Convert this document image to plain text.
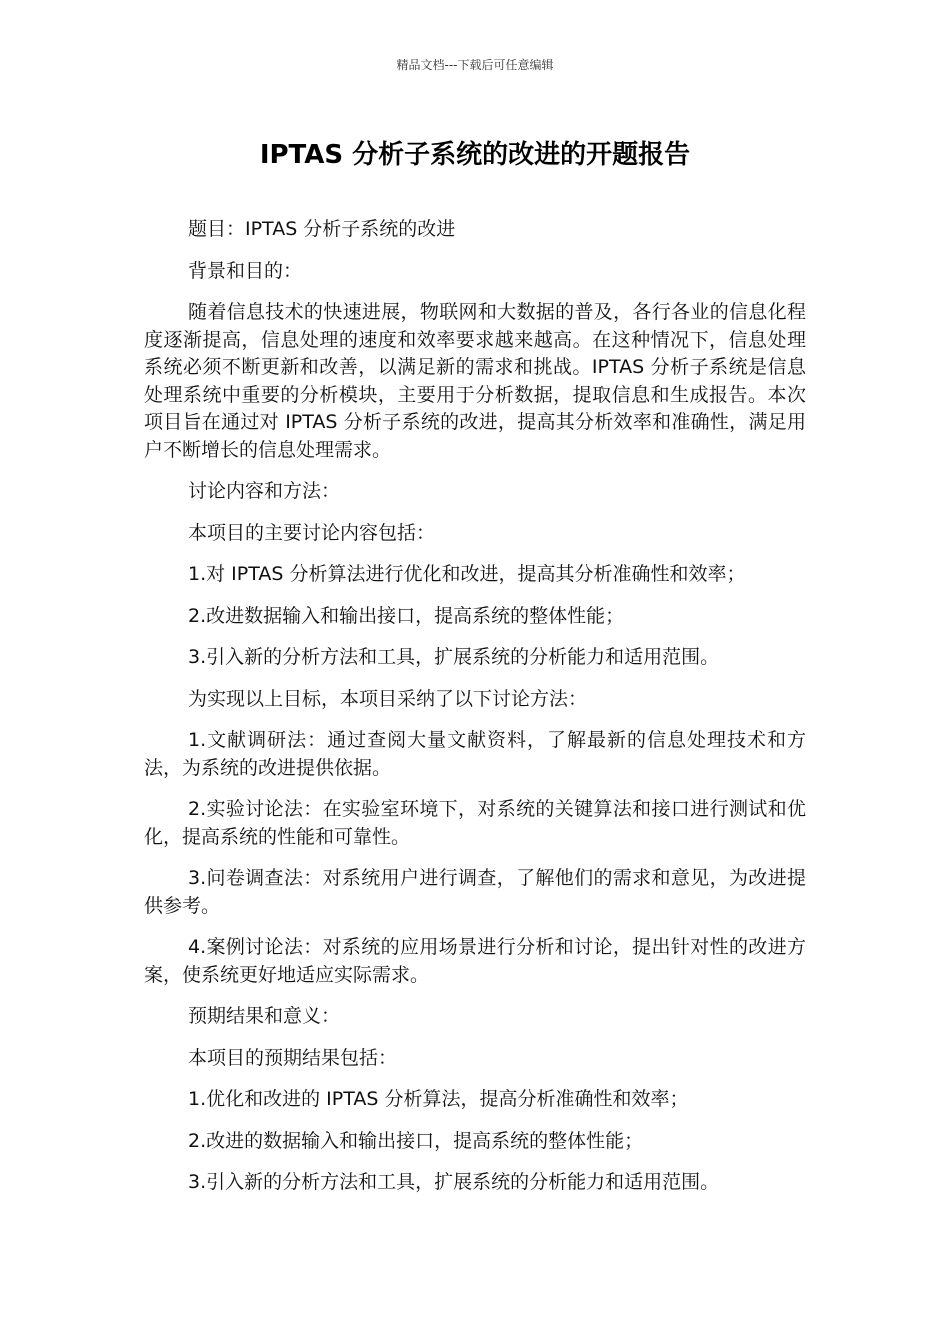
精品文档---下载后可任意编辑
IPTAS 分析子系统的改进的开题报告

题目：IPTAS 分析子系统的改进

背景和目的：

随着信息技术的快速进展，物联网和大数据的普及，各行各业的信息化程度逐渐提高，信息处理的速度和效率要求越来越高。在这种情况下，信息处理系统必须不断更新和改善，以满足新的需求和挑战。IPTAS 分析子系统是信息处理系统中重要的分析模块，主要用于分析数据，提取信息和生成报告。本次项目旨在通过对 IPTAS 分析子系统的改进，提高其分析效率和准确性，满足用户不断增长的信息处理需求。

讨论内容和方法：

本项目的主要讨论内容包括：

1.对 IPTAS 分析算法进行优化和改进，提高其分析准确性和效率；

2.改进数据输入和输出接口，提高系统的整体性能；

3.引入新的分析方法和工具，扩展系统的分析能力和适用范围。

为实现以上目标，本项目采纳了以下讨论方法：

1.文献调研法：通过查阅大量文献资料，了解最新的信息处理技术和方法，为系统的改进提供依据。

2.实验讨论法：在实验室环境下，对系统的关键算法和接口进行测试和优化，提高系统的性能和可靠性。

3.问卷调查法：对系统用户进行调查，了解他们的需求和意见，为改进提供参考。

4.案例讨论法：对系统的应用场景进行分析和讨论，提出针对性的改进方案，使系统更好地适应实际需求。

预期结果和意义：

本项目的预期结果包括：

1.优化和改进的 IPTAS 分析算法，提高分析准确性和效率；

2.改进的数据输入和输出接口，提高系统的整体性能；

3.引入新的分析方法和工具，扩展系统的分析能力和适用范围。
